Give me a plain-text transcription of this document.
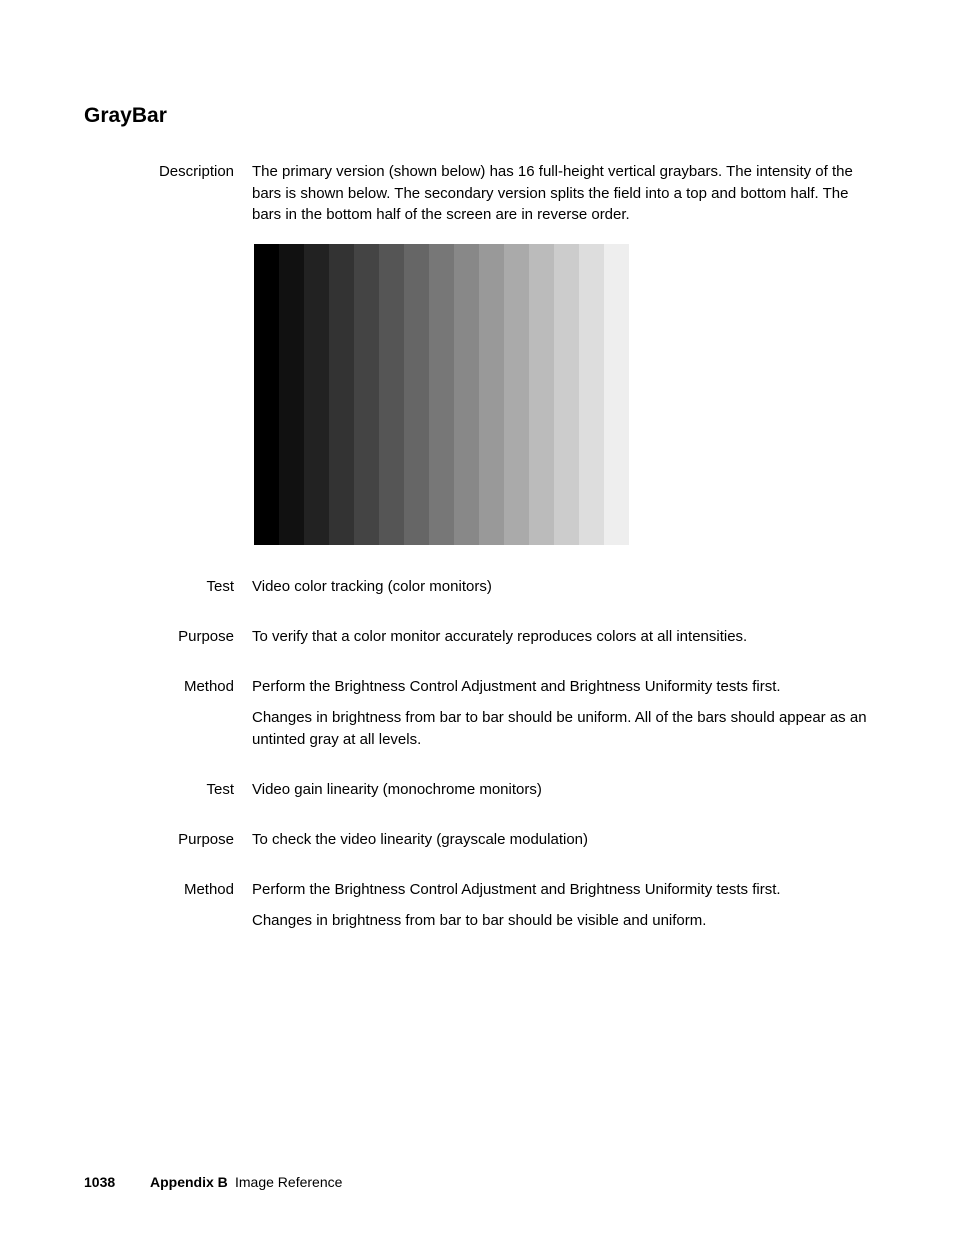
GrayBar
Description The primary version (shown below) has 16 full-height vertical graybars. The intensity of the bars is shown below. The secondary version splits the field into a top and bottom half. The bars in the bottom half of the screen are in reverse order.

Test Video color tracking (color monitors)

Purpose To verify that a color monitor accurately reproduces colors at all intensities.

Method Perform the Brightness Control Adjustment and Brightness Uniformity tests first.

Changes in brightness from bar to bar should be uniform. All of the bars should appear as an untinted gray at all levels.

Test Video gain linearity (monochrome monitors)

Purpose To check the video linearity (grayscale modulation)

Method Perform the Brightness Control Adjustment and Brightness Uniformity tests first.

Changes in brightness from bar to bar should be visible and uniform.

1038 Appendix B Image Reference
